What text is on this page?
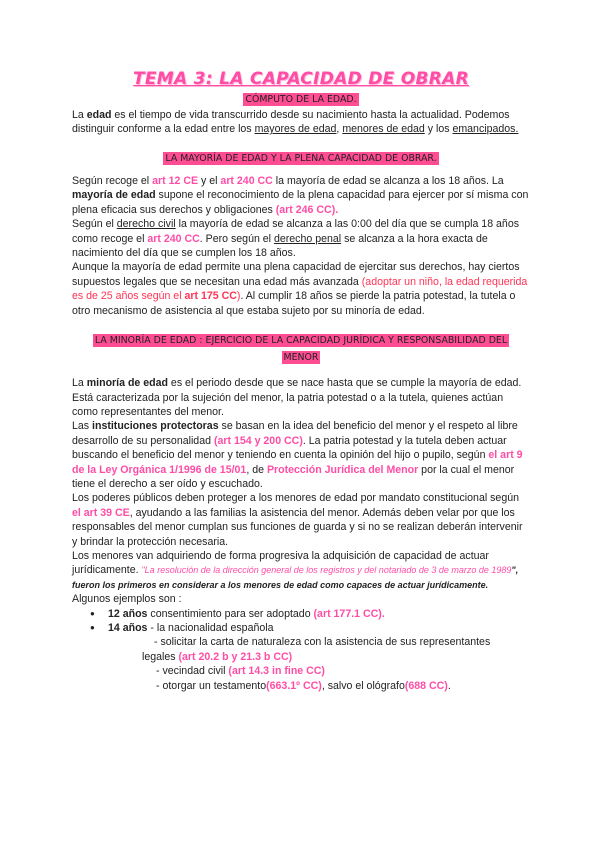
TEMA 3: LA CAPACIDAD DE OBRAR
CÓMPUTO DE LA EDAD.

La edad es el tiempo de vida transcurrido desde su nacimiento hasta la actualidad. Podemos distinguir conforme a la edad entre los mayores de edad, menores de edad y los emancipados.

LA MAYORÍA DE EDAD Y LA PLENA CAPACIDAD DE OBRAR.

Según recoge el art 12 CE y el art 240 CC la mayoría de edad se alcanza a los 18 años. La mayoría de edad supone el reconocimiento de la plena capacidad para ejercer por sí misma con plena eficacia sus derechos y obligaciones (art 246 CC).

Según el derecho civil la mayoría de edad se alcanza a las 0:00 del día que se cumpla 18 años como recoge el art 240 CC. Pero según el derecho penal se alcanza a la hora exacta de nacimiento del día que se cumplen los 18 años.

Aunque la mayoría de edad permite una plena capacidad de ejercitar sus derechos, hay ciertos supuestos legales que se necesitan una edad más avanzada (adoptar un niño, la edad requerida es de 25 años según el art 175 CC). Al cumplir 18 años se pierde la patria potestad, la tutela o otro mecanismo de asistencia al que estaba sujeto por su minoría de edad.

LA MINORÍA DE EDAD : EJERCICIO DE LA CAPACIDAD JURÍDICA Y RESPONSABILIDAD DEL
MENOR

La minoría de edad es el periodo desde que se nace hasta que se cumple la mayoría de edad. Está caracterizada por la sujeción del menor, la patria potestad o a la tutela, quienes actúan como representantes del menor.

Las instituciones protectoras se basan en la idea del beneficio del menor y el respeto al libre desarrollo de su personalidad (art 154 y 200 CC). La patria potestad y la tutela deben actuar buscando el beneficio del menor y teniendo en cuenta la opinión del hijo o pupilo, según el art 9 de la Ley Orgánica 1/1996 de 15/01, de Protección Jurídica del Menor por la cual el menor tiene el derecho a ser oído y escuchado.

Los poderes públicos deben proteger a los menores de edad por mandato constitucional según el art 39 CE, ayudando a las familias la asistencia del menor. Además deben velar por que los responsables del menor cumplan sus funciones de guarda y si no se realizan deberán intervenir y brindar la protección necesaria.

Los menores van adquiriendo de forma progresiva la adquisición de capacidad de actuar jurídicamente. "La resolución de la dirección general de los registros y del notariado de 3 de marzo de 1989", fueron los primeros en considerar a los menores de edad como capaces de actuar jurídicamente.

Algunos ejemplos son :

● 12 años consentimiento para ser adoptado (art 177.1 CC).
● 14 años - la nacionalidad española

- solicitar la carta de naturaleza con la asistencia de sus representantes

legales (art 20.2 b y 21.3 b CC)

- vecindad civil (art 14.3 in fine CC)

- otorgar un testamento(663.1º CC), salvo el ológrafo(688 CC).
